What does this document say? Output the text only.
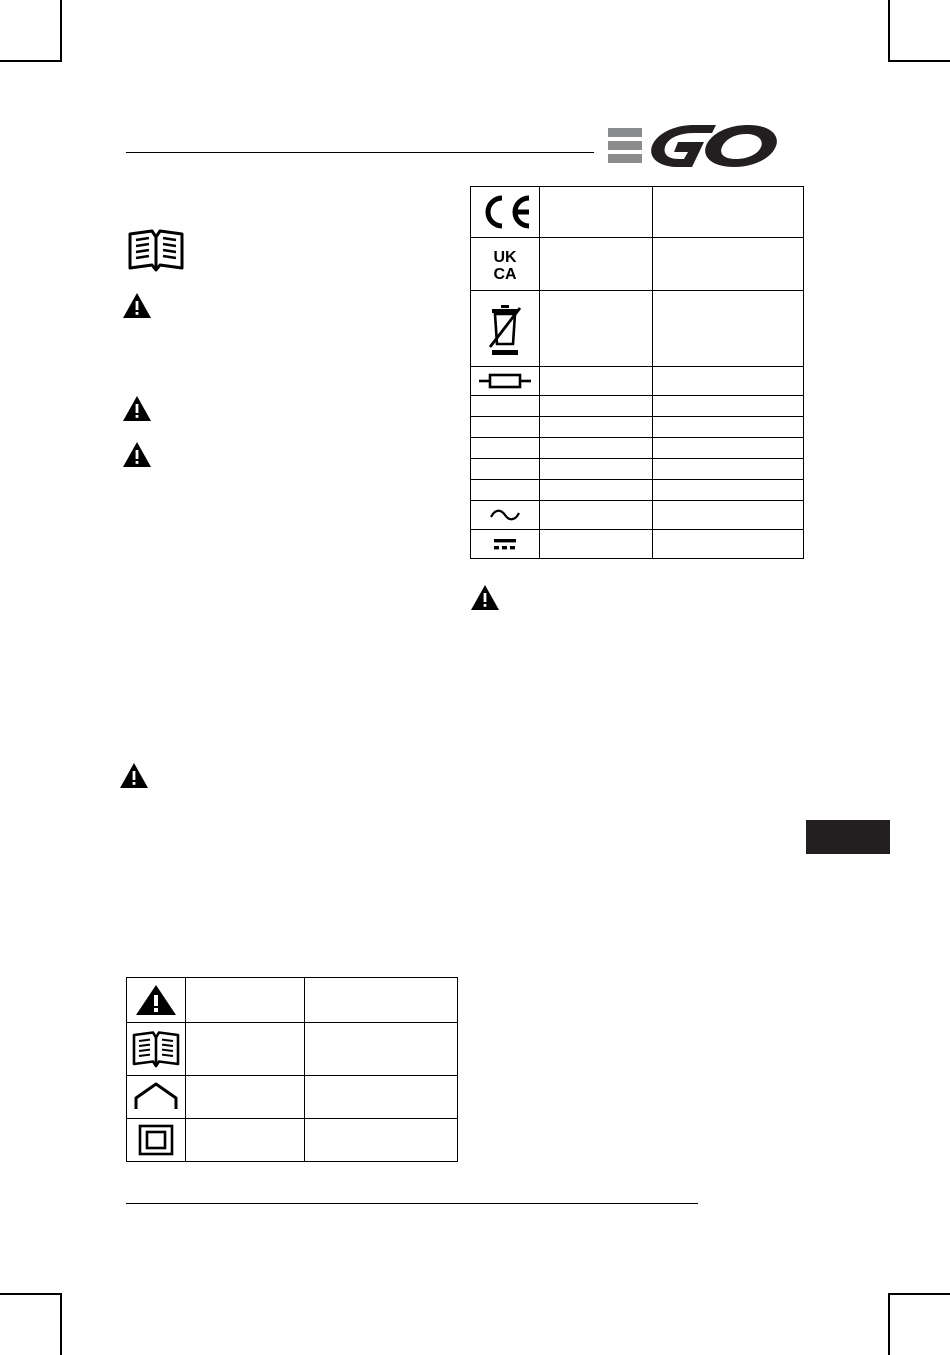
UK
CA		
